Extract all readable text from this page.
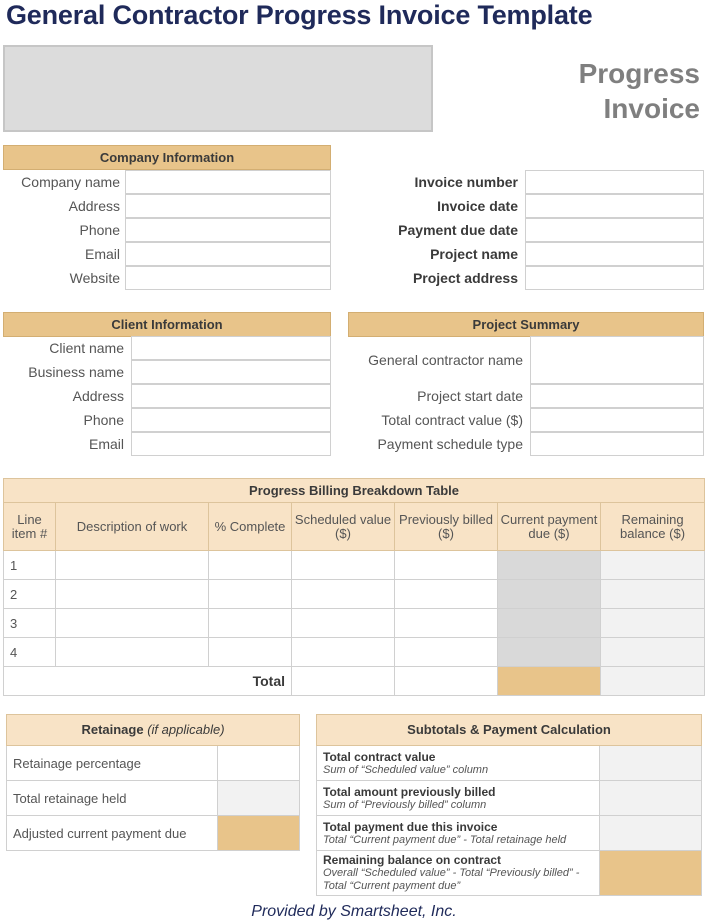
General Contractor Progress Invoice Template
Progress
Invoice
Company Information
Company name
Address
Phone
Email
Website
Invoice number
Invoice date
Payment due date
Project name
Project address
Client Information
Client name
Business name
Address
Phone
Email
Project Summary
General contractor name
Project start date
Total contract value ($)
Payment schedule type
Progress Billing Breakdown Table						
Line item #	Description of work	% Complete	Scheduled value ($)	Previously billed ($)	Current payment due ($)	Remaining balance ($)
1						
2						
3						
4						
Total						
Retainage (if applicable)	
Retainage percentage	
Total retainage held	
Adjusted current payment due	
Subtotals & Payment Calculation	

Total contract value
Sum of “Scheduled value” column	

Total amount previously billed
Sum of “Previously billed” column	

Total payment due this invoice
Total “Current payment due” - Total retainage held	

Remaining balance on contract
Overall “Scheduled value” - Total “Previously billed” - Total “Current payment due”	

Provided by Smartsheet, Inc.
